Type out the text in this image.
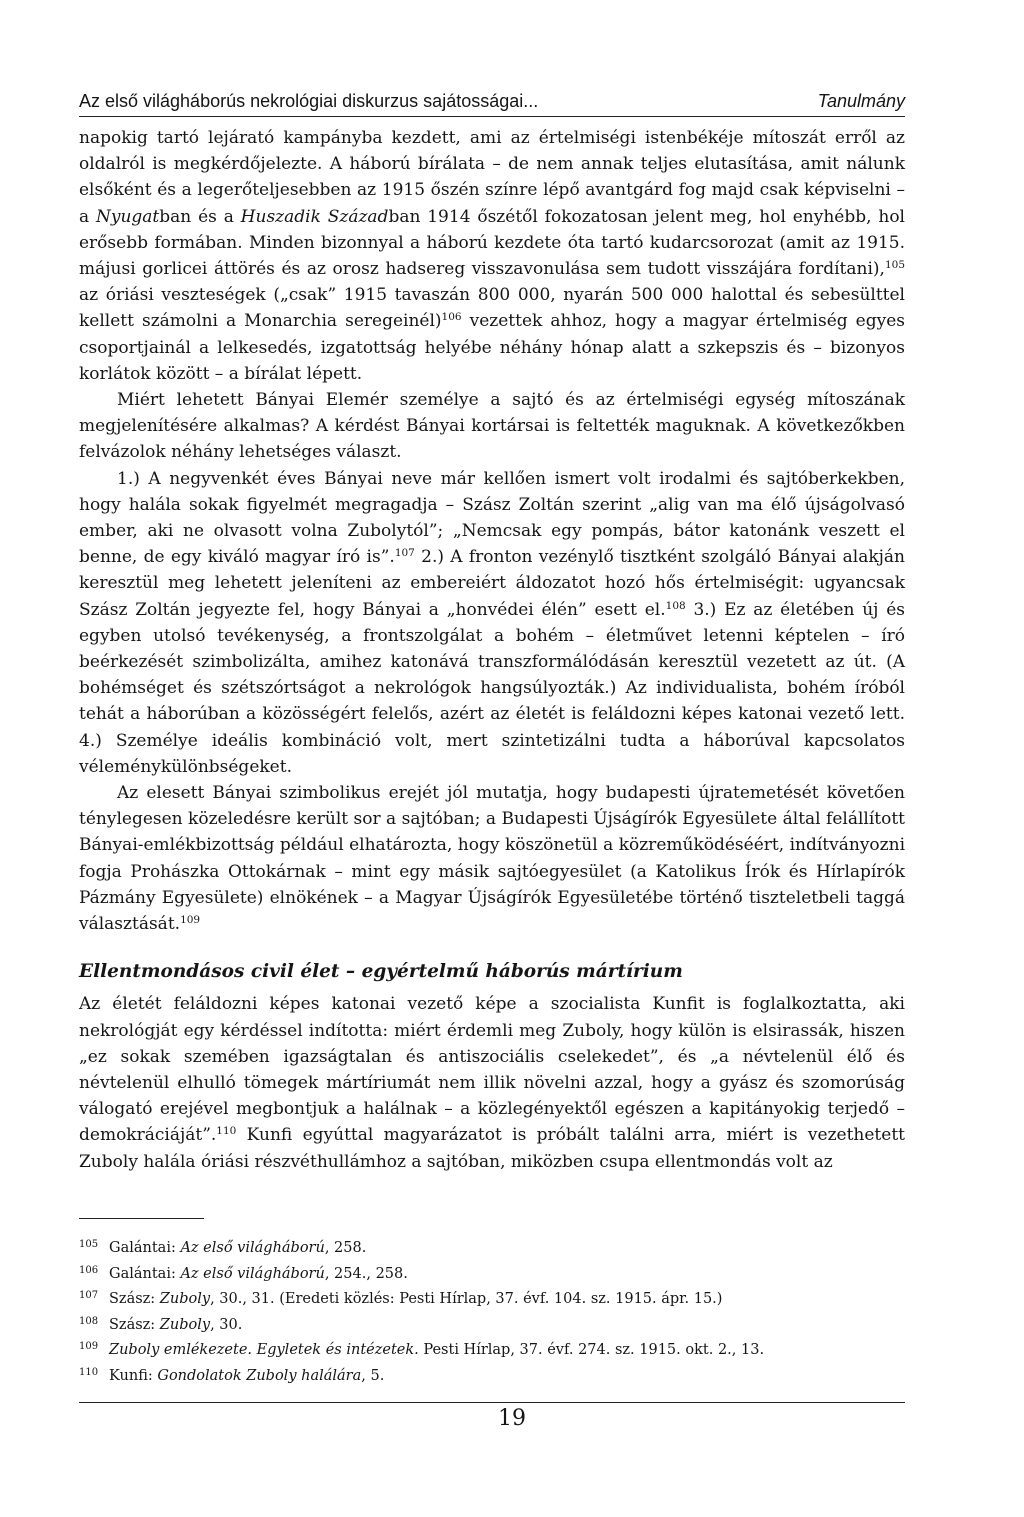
Az első világháborús nekrológiai diskurzus sajátosságai...	Tanulmány

napokig tartó lejárató kampányba kezdett, ami az értelmiségi istenbékéje mítoszát erről az oldalról is megkérdőjelezte. A háború bírálata – de nem annak teljes elutasítása, amit nálunk elsőként és a legerőteljesebben az 1915 őszén színre lépő avantgárd fog majd csak képviselni – a Nyugatban és a Huszadik Században 1914 őszétől fokozatosan jelent meg, hol enyhébb, hol erősebb formában. Minden bizonnyal a háború kezdete óta tartó kudarcsorozat (amit az 1915. májusi gorlicei áttörés és az orosz hadsereg visszavonulása sem tudott visszájára fordítani),$^{105}$ az óriási veszteségek („csak” 1915 tavaszán 800 000, nyarán 500 000 halottal és sebesülttel kellett számolni a Monarchia seregeinél)$^{106}$ vezettek ahhoz, hogy a magyar értelmiség egyes csoportjainál a lelkesedés, izgatottság helyébe néhány hónap alatt a szkepszis és – bizonyos korlátok között – a bírálat lépett.

Miért lehetett Bányai Elemér személye a sajtó és az értelmiségi egység mítoszának megjelenítésére alkalmas? A kérdést Bányai kortársai is feltették maguknak. A következőkben felvázolok néhány lehetséges választ.

1.) A negyvenkét éves Bányai neve már kellően ismert volt irodalmi és sajtóberkekben, hogy halála sokak figyelmét megragadja – Szász Zoltán szerint „alig van ma élő újságolvasó ember, aki ne olvasott volna Zubolytól”; „Nemcsak egy pompás, bátor katonánk veszett el benne, de egy kiváló magyar író is”.$^{107}$ 2.) A fronton vezénylő tisztként szolgáló Bányai alakján keresztül meg lehetett jeleníteni az embereiért áldozatot hozó hős értelmiségit: ugyancsak Szász Zoltán jegyezte fel, hogy Bányai a „honvédei élén” esett el.$^{108}$ 3.) Ez az életében új és egyben utolsó tevékenység, a frontszolgálat a bohém – életművet letenni képtelen – író beérkezését szimbolizálta, amihez katonává transzformálódásán keresztül vezetett az út. (A bohémséget és szétszórtságot a nekrológok hangsúlyozták.) Az individualista, bohém íróból tehát a háborúban a közösségért felelős, azért az életét is feláldozni képes katonai vezető lett. 4.) Személye ideális kombináció volt, mert szintetizálni tudta a háborúval kapcsolatos véleménykülönbségeket.

Az elesett Bányai szimbolikus erejét jól mutatja, hogy budapesti újratemetését követően ténylegesen közeledésre került sor a sajtóban; a Budapesti Újságírók Egyesülete által felállított Bányai-emlékbizottság például elhatározta, hogy köszönetül a közreműködéséért, indítványozni fogja Prohászka Ottokárnak – mint egy másik sajtóegyesület (a Katolikus Írók és Hírlapírók Pázmány Egyesülete) elnökének – a Magyar Újságírók Egyesületébe történő tiszteletbeli taggá választását.$^{109}$

Ellentmondásos civil élet – egyértelmű háborús mártírium

Az életét feláldozni képes katonai vezető képe a szocialista Kunfit is foglalkoztatta, aki nekrológját egy kérdéssel indította: miért érdemli meg Zuboly, hogy külön is elsirassák, hiszen „ez sokak szemében igazságtalan és antiszociális cselekedet”, és „a névtelenül élő és névtelenül elhulló tömegek mártíriumát nem illik növelni azzal, hogy a gyász és szomorúság válogató erejével megbontjuk a halálnak – a közlegényektől egészen a kapitányokig terjedő – demokráciáját”.$^{110}$ Kunfi egyúttal magyarázatot is próbált találni arra, miért is vezethetett Zuboly halála óriási részvéthullámhoz a sajtóban, miközben csupa ellentmondás volt az

105 Galántai: Az első világháború, 258.
106 Galántai: Az első világháború, 254., 258.
107 Szász: Zuboly, 30., 31. (Eredeti közlés: Pesti Hírlap, 37. évf. 104. sz. 1915. ápr. 15.)
108 Szász: Zuboly, 30.
109 Zuboly emlékezete. Egyletek és intézetek. Pesti Hírlap, 37. évf. 274. sz. 1915. okt. 2., 13.
110 Kunfi: Gondolatok Zuboly halálára, 5.
19
